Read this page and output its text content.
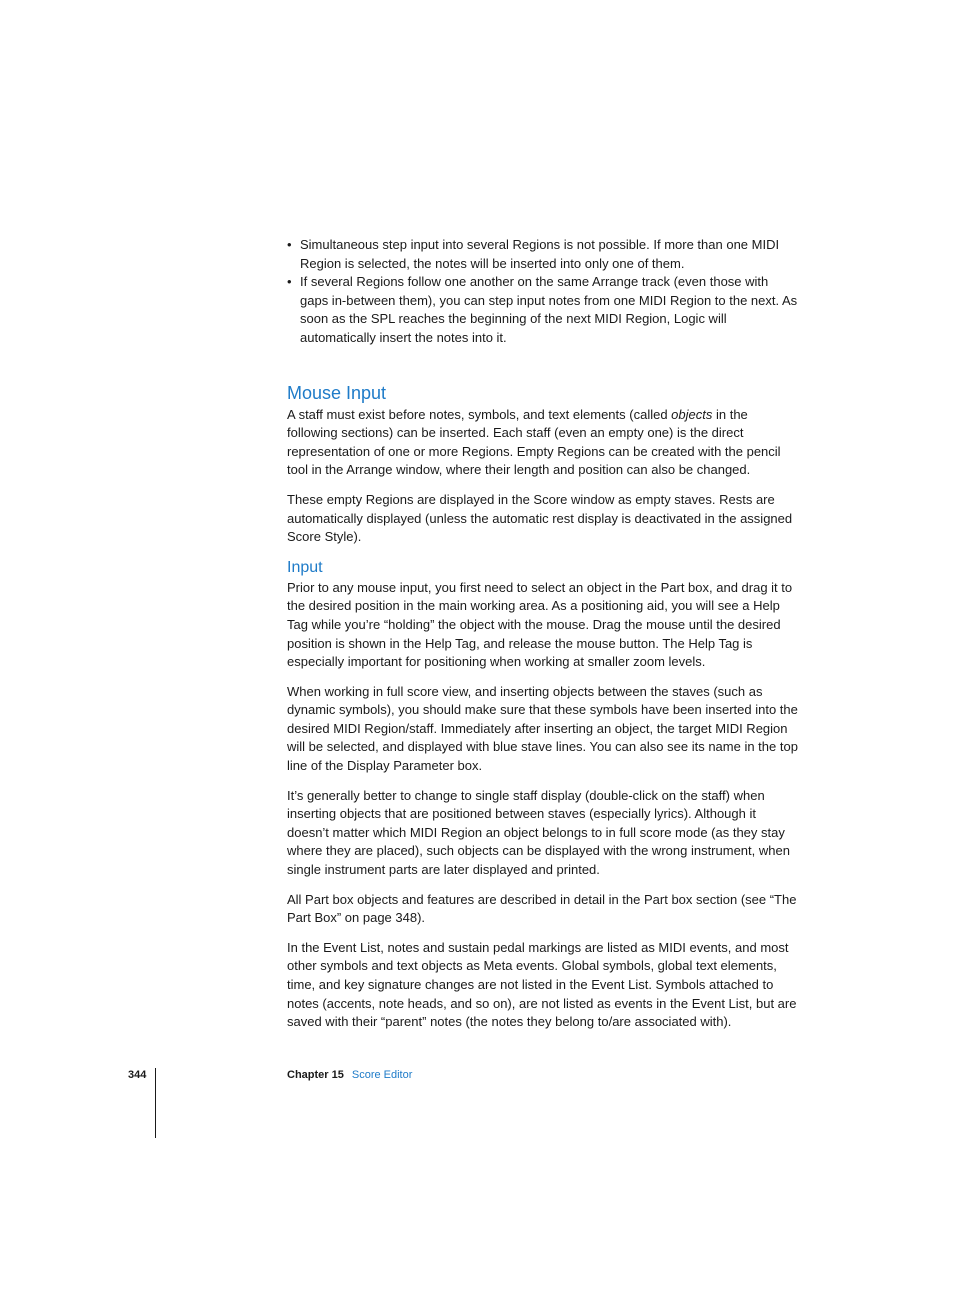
• Simultaneous step input into several Regions is not possible. If more than one MIDI Region is selected, the notes will be inserted into only one of them.
• If several Regions follow one another on the same Arrange track (even those with gaps in-between them), you can step input notes from one MIDI Region to the next. As soon as the SPL reaches the beginning of the next MIDI Region, Logic will automatically insert the notes into it.
Mouse Input

A staff must exist before notes, symbols, and text elements (called objects in the following sections) can be inserted. Each staff (even an empty one) is the direct representation of one or more Regions. Empty Regions can be created with the pencil tool in the Arrange window, where their length and position can also be changed.

These empty Regions are displayed in the Score window as empty staves. Rests are automatically displayed (unless the automatic rest display is deactivated in the assigned Score Style).

Input

Prior to any mouse input, you first need to select an object in the Part box, and drag it to the desired position in the main working area. As a positioning aid, you will see a Help Tag while you’re “holding” the object with the mouse. Drag the mouse until the desired position is shown in the Help Tag, and release the mouse button. The Help Tag is especially important for positioning when working at smaller zoom levels.

When working in full score view, and inserting objects between the staves (such as dynamic symbols), you should make sure that these symbols have been inserted into the desired MIDI Region/staff. Immediately after inserting an object, the target MIDI Region will be selected, and displayed with blue stave lines. You can also see its name in the top line of the Display Parameter box.

It’s generally better to change to single staff display (double-click on the staff) when inserting objects that are positioned between staves (especially lyrics). Although it doesn’t matter which MIDI Region an object belongs to in full score mode (as they stay where they are placed), such objects can be displayed with the wrong instrument, when single instrument parts are later displayed and printed.

All Part box objects and features are described in detail in the Part box section (see “The Part Box” on page 348).

In the Event List, notes and sustain pedal markings are listed as MIDI events, and most other symbols and text objects as Meta events. Global symbols, global text elements, time, and key signature changes are not listed in the Event List. Symbols attached to notes (accents, note heads, and so on), are not listed as events in the Event List, but are saved with their “parent” notes (the notes they belong to/are associated with).

344	Chapter 15 Score Editor
